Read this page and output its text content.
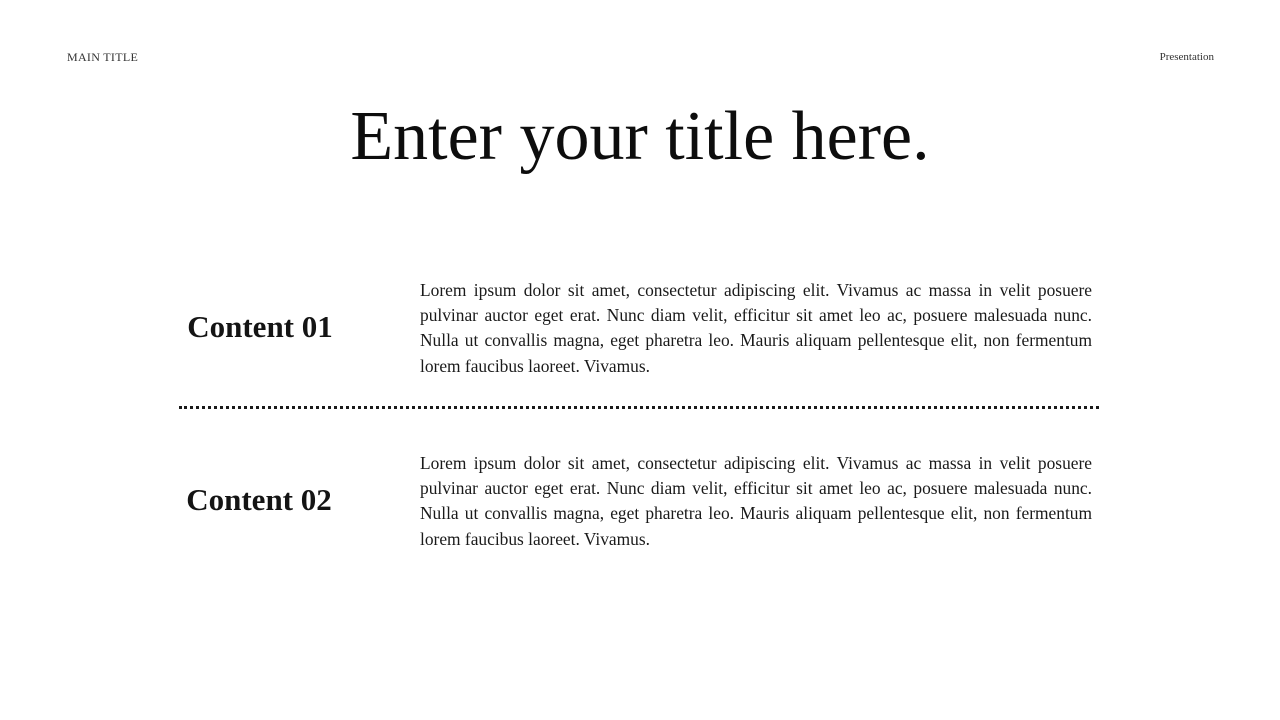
MAIN TITLE	Presentation
Enter your title here.
Content 01
Lorem ipsum dolor sit amet, consectetur adipiscing elit. Vivamus ac massa in velit posuere pulvinar auctor eget erat. Nunc diam velit, efficitur sit amet leo ac, posuere malesuada nunc. Nulla ut convallis magna, eget pharetra leo. Mauris aliquam pellentesque elit, non fermentum lorem faucibus laoreet. Vivamus.
Content 02
Lorem ipsum dolor sit amet, consectetur adipiscing elit. Vivamus ac massa in velit posuere pulvinar auctor eget erat. Nunc diam velit, efficitur sit amet leo ac, posuere malesuada nunc. Nulla ut convallis magna, eget pharetra leo. Mauris aliquam pellentesque elit, non fermentum lorem faucibus laoreet. Vivamus.
